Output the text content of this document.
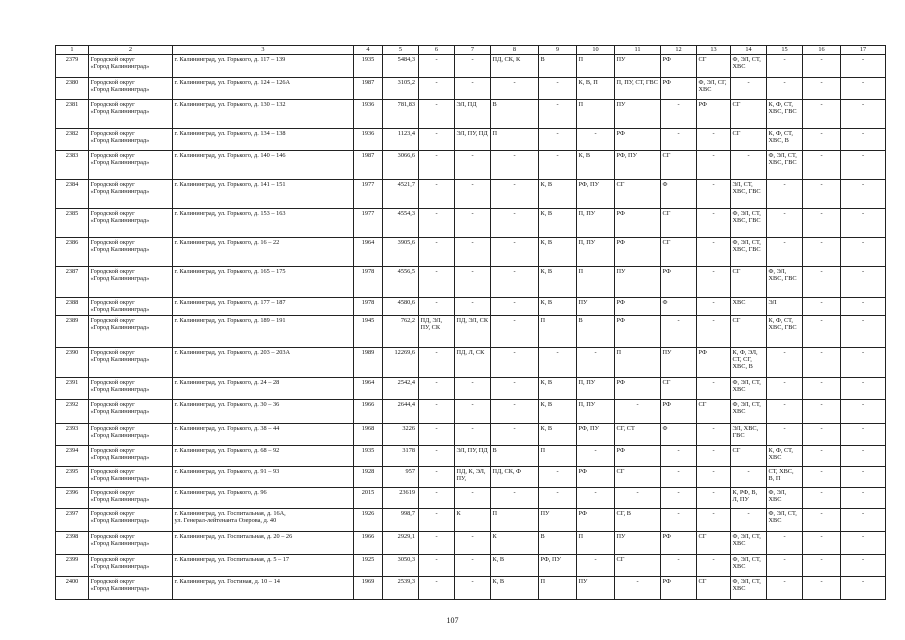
1	2	3	4	5	6	7	8	9	10	11	12	13	14	15	16	17
2379	Городской округ
«Город Калининград»	г. Калининград, ул. Горького, д. 117 – 139	1935	5484,3	-	-	ПД, СК, К	В	П	ПУ	РФ	СГ	Ф, ЭЛ, СТ, ХВС	-	-	-
2380	Городской округ
«Город Калининград»	г. Калининград, ул. Горького, д. 124 – 126А	1987	3105,2	-	-	-	-	К, В, П	П, ПУ, СТ, ГВС	РФ	Ф, ЭЛ, СГ, ХВС	-	-	-	-
2381	Городской округ
«Город Калининград»	г. Калининград, ул. Горького, д. 130 – 132	1936	781,83	-	ЭЛ, ПД	В	-	П	ПУ	-	РФ	СГ	К, Ф, СТ, ХВС, ГВС	-	-
2382	Городской округ
«Город Калининград»	г. Калининград, ул. Горького, д. 134 – 138	1936	1123,4	-	ЭЛ, ПУ, ПД	П	-	-	РФ	-	-	СГ	К, Ф, СТ, ХВС, В	-	-
2383	Городской округ
«Город Калининград»	г. Калининград, ул. Горького, д. 140 – 146	1987	3066,6	-	-	-	-	К, В	РФ, ПУ	СГ	-	-	Ф, ЭЛ, СТ, ХВС, ГВС	-	-
2384	Городской округ
«Город Калининград»	г. Калининград, ул. Горького, д. 141 – 151	1977	4521,7	-	-	-	К, В	РФ, ПУ	СГ	Ф	-	ЭЛ, СТ, ХВС, ГВС	-	-	-
2385	Городской округ
«Город Калининград»	г. Калининград, ул. Горького, д. 153 – 163	1977	4554,3	-	-	-	К, В	П, ПУ	РФ	СГ	-	Ф, ЭЛ, СТ, ХВС, ГВС	-	-	-
2386	Городской округ
«Город Калининград»	г. Калининград, ул. Горького, д. 16 – 22	1964	3905,6	-	-	-	К, В	П, ПУ	РФ	СГ	-	Ф, ЭЛ, СТ, ХВС, ГВС	-	-	-
2387	Городской округ
«Город Калининград»	г. Калининград, ул. Горького, д. 165 – 175	1978	4556,5	-	-	-	К, В	П	ПУ	РФ	-	СГ	Ф, ЭЛ, ХВС, ГВС	-	-
2388	Городской округ
«Город Калининград»	г. Калининград, ул. Горького, д. 177 – 187	1978	4580,6	-	-	-	К, В	ПУ	РФ	Ф	-	ХВС	ЭЛ	-	-
2389	Городской округ
«Город Калининград»	г. Калининград, ул. Горького, д. 189 – 191	1945	762,2	ПД, ЭЛ, ПУ, СК	ПД, ЭЛ, СК	-	П	В	РФ	-	-	СГ	К, Ф, СТ, ХВС, ГВС	-	-
2390	Городской округ
«Город Калининград»	г. Калининград, ул. Горького, д. 203 – 203А	1989	12269,6	-	ПД, Л, СК	-	-	-	П	ПУ	РФ	К, Ф, ЭЛ, СТ, СГ, ХВС, В	-	-	-
2391	Городской округ
«Город Калининград»	г. Калининград, ул. Горького, д. 24 – 28	1964	2542,4	-	-	-	К, В	П, ПУ	РФ	СГ	-	Ф, ЭЛ, СТ, ХВС	-	-	-
2392	Городской округ
«Город Калининград»	г. Калининград, ул. Горького, д. 30 – 36	1966	2644,4	-	-	-	К, В	П, ПУ	-	РФ	СГ	Ф, ЭЛ, СТ, ХВС	-	-	-
2393	Городской округ
«Город Калининград»	г. Калининград, ул. Горького, д. 38 – 44	1968	3226	-	-	-	К, В	РФ, ПУ	СГ, СТ	Ф	-	ЭЛ, ХВС, ГВС	-	-	-
2394	Городской округ
«Город Калининград»	г. Калининград, ул. Горького, д. 68 – 92	1935	3178	-	ЭЛ, ПУ, ПД	В	П	-	РФ	-	-	СГ	К, Ф, СТ, ХВС	-	-
2395	Городской округ
«Город Калининград»	г. Калининград, ул. Горького, д. 91 – 93	1928	957	-	ПД, К, ЭЛ, ПУ,	ПД, СК, Ф	-	РФ	СГ	-	-	-	СТ, ХВС, В, П	-	-
2396	Городской округ
«Город Калининград»	г. Калининград, ул. Горького, д. 96	2015	23619	-	-	-	-	-	-	-	-	К, РФ, В, Л, ПУ	Ф, ЭЛ, ХВС	-	-
2397	Городской округ
«Город Калининград»	г. Калининград, ул. Госпитальная, д. 16А,
ул. Генерал-лейтенанта Озерова, д. 40	1926	998,7	-	К	П	ПУ	РФ	СГ, В	-	-	-	Ф, ЭЛ, СТ, ХВС	-	-
2398	Городской округ
«Город Калининград»	г. Калининград, ул. Госпитальная, д. 20 – 26	1966	2929,1	-	-	К	В	П	ПУ	РФ	СГ	Ф, ЭЛ, СТ, ХВС	-	-	-
2399	Городской округ
«Город Калининград»	г. Калининград, ул. Госпитальная, д. 5 – 17	1925	3050,3	-	-	К, В	РФ, ПУ	-	СГ	-	-	Ф, ЭЛ, СТ, ХВС	-	-	-
2400	Городской округ
«Город Калининград»	г. Калининград, ул. Гостиная, д. 10 – 14	1969	2539,3	-	-	К, В	П	ПУ	-	РФ	СГ	Ф, ЭЛ, СТ, ХВС	-	-	-
107
